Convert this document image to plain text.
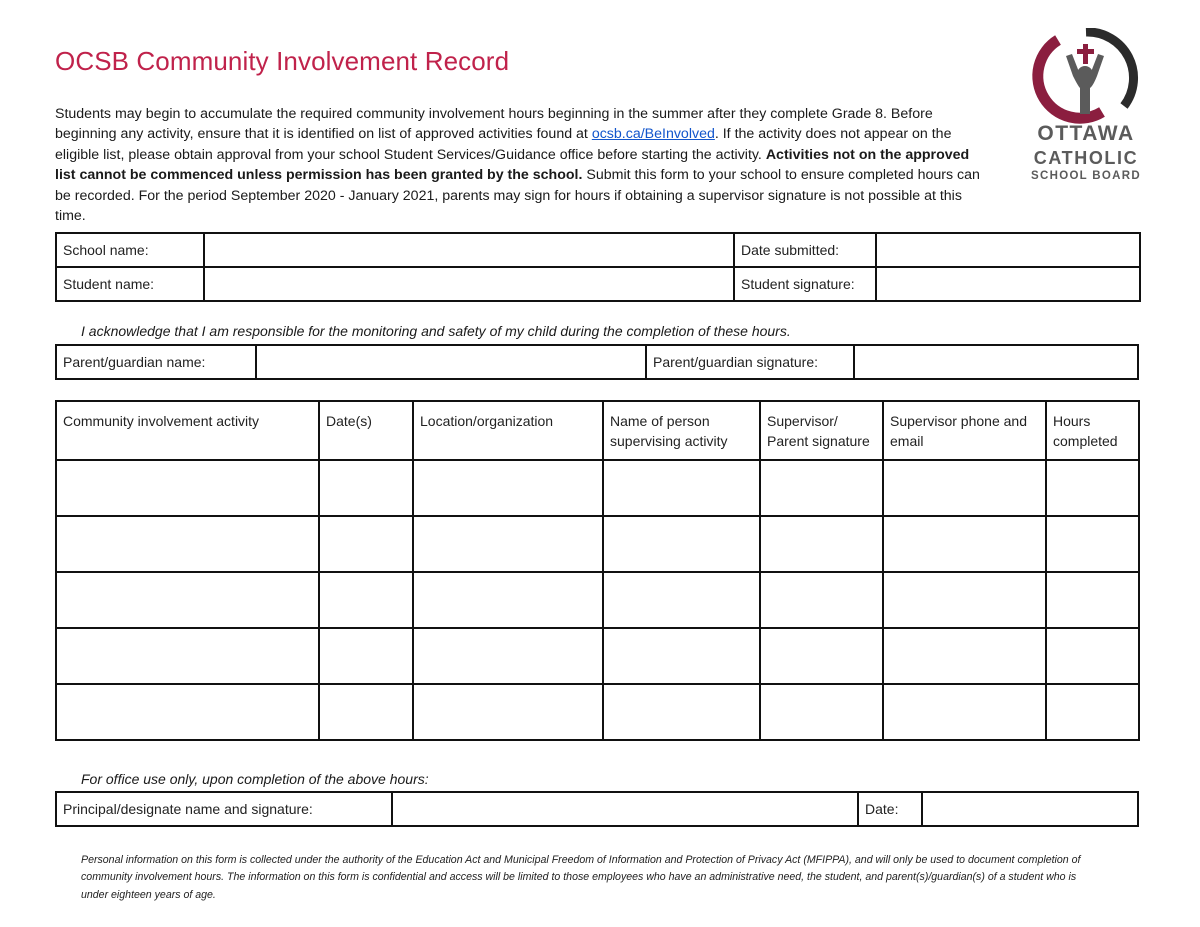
OCSB Community Involvement Record

Students may begin to accumulate the required community involvement hours beginning in the summer after they complete Grade 8. Before beginning any activity, ensure that it is identified on list of approved activities found at ocsb.ca/BeInvolved. If the activity does not appear on the eligible list, please obtain approval from your school Student Services/Guidance office before starting the activity. Activities not on the approved list cannot be commenced unless permission has been granted by the school. Submit this form to your school to ensure completed hours can be recorded. For the period September 2020 - January 2021, parents may sign for hours if obtaining a supervisor signature is not possible at this time.

OTTAWA
CATHOLIC
SCHOOL BOARD
School name:		Date submitted:	
Student name:		Student signature:	

I acknowledge that I am responsible for the monitoring and safety of my child during the completion of these hours.

Parent/guardian name:		Parent/guardian signature:	
Community involvement activity	Date(s)	Location/organization	Name of person supervising activity	Supervisor/ Parent signature	Supervisor phone and email	Hours completed

For office use only, upon completion of the above hours:

Principal/designate name and signature:		Date:	

Personal information on this form is collected under the authority of the Education Act and Municipal Freedom of Information and Protection of Privacy Act (MFIPPA), and will only be used to document completion of community involvement hours. The information on this form is confidential and access will be limited to those employees who have an administrative need, the student, and parent(s)/guardian(s) of a student who is under eighteen years of age.
